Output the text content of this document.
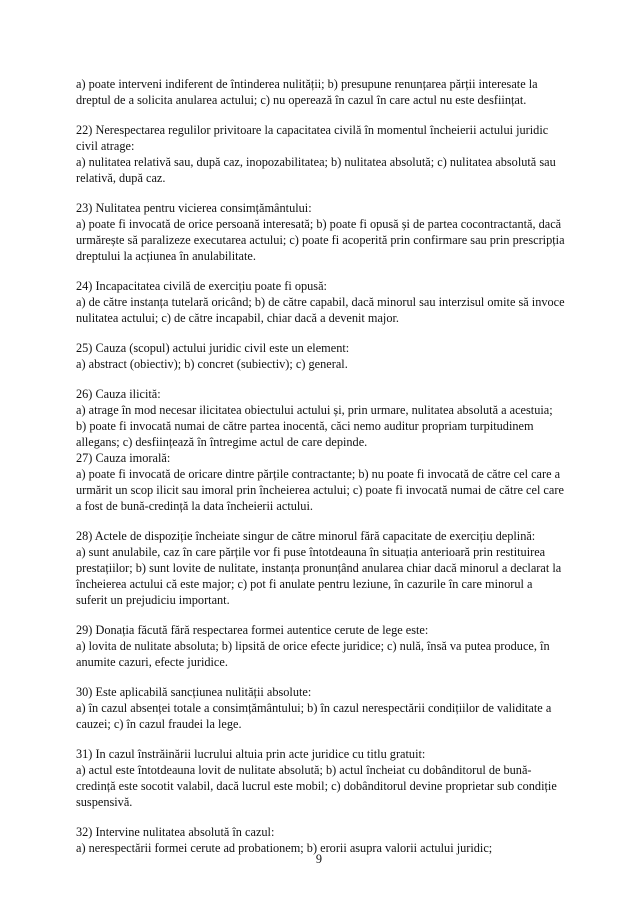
a) poate interveni indiferent de întinderea nulității; b) presupune renunțarea părții interesate la
dreptul de a solicita anularea actului; c) nu operează în cazul în care actul nu este desființat.
22) Nerespectarea regulilor privitoare la capacitatea civilă în momentul încheierii actului juridic
civil atrage:
a) nulitatea relativă sau, după caz, inopozabilitatea; b) nulitatea absolută; c) nulitatea absolută sau
relativă, după caz.
23) Nulitatea pentru vicierea consimțământului:
a) poate fi invocată de orice persoană interesată; b) poate fi opusă și de partea cocontractantă, dacă
urmărește să paralizeze executarea actului; c) poate fi acoperită prin confirmare sau prin prescripția
dreptului la acțiunea în anulabilitate.
24) Incapacitatea civilă de exercițiu poate fi opusă:
a) de către instanța tutelară oricând; b) de către capabil, dacă minorul sau interzisul omite să invoce
nulitatea actului; c) de către incapabil, chiar dacă a devenit major.
25) Cauza (scopul) actului juridic civil este un element:
a) abstract (obiectiv); b) concret (subiectiv); c) general.
26) Cauza ilicită:
a) atrage în mod necesar ilicitatea obiectului actului și, prin urmare, nulitatea absolută a acestuia;
b) poate fi invocată numai de către partea inocentă, căci nemo auditur propriam turpitudinem
allegans; c) desființează în întregime actul de care depinde.
27) Cauza imorală:
a) poate fi invocată de oricare dintre părțile contractante; b) nu poate fi invocată de către cel care a
urmărit un scop ilicit sau imoral prin încheierea actului; c) poate fi invocată numai de către cel care
a fost de bună-credință la data încheierii actului.
28) Actele de dispoziție încheiate singur de către minorul fără capacitate de exercițiu deplină:
a) sunt anulabile, caz în care părțile vor fi puse întotdeauna în situația anterioară prin restituirea
prestațiilor; b) sunt lovite de nulitate, instanța pronunțând anularea chiar dacă minorul a declarat la
încheierea actului că este major; c) pot fi anulate pentru leziune, în cazurile în care minorul a
suferit un prejudiciu important.
29) Donația făcută fără respectarea formei autentice cerute de lege este:
a) lovita de nulitate absoluta; b) lipsită de orice efecte juridice; c) nulă, însă va putea produce, în
anumite cazuri, efecte juridice.
30) Este aplicabilă sancțiunea nulității absolute:
a) în cazul absenței totale a consimțământului; b) în cazul nerespectării condițiilor de validitate a
cauzei; c) în cazul fraudei la lege.
31) In cazul înstrăinării lucrului altuia prin acte juridice cu titlu gratuit:
a) actul este întotdeauna lovit de nulitate absolută; b) actul încheiat cu dobânditorul de bună-
credință este socotit valabil, dacă lucrul este mobil; c) dobânditorul devine proprietar sub condiție
suspensivă.
32) Intervine nulitatea absolută în cazul:
a) nerespectării formei cerute ad probationem; b) erorii asupra valorii actului juridic;
9
